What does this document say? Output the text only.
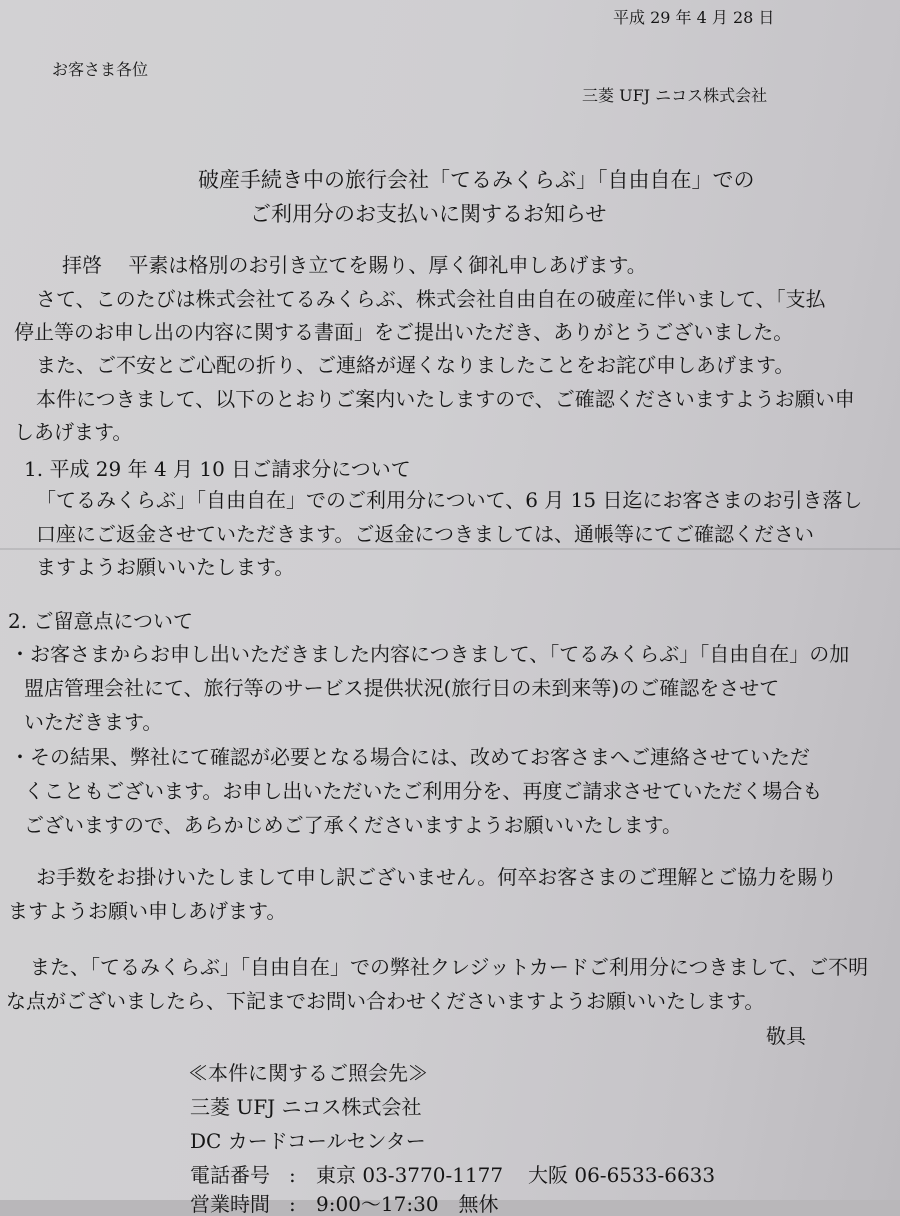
平成 29 年 4 月 28 日
お客さま各位
三菱 UFJ ニコス株式会社
破産手続き中の旅行会社「てるみくらぶ」「自由自在」での
ご利用分のお支払いに関するお知らせ
拝啓　 平素は格別のお引き立てを賜り、厚く御礼申しあげます。
さて、このたびは株式会社てるみくらぶ、株式会社自由自在の破産に伴いまして、「支払
停止等のお申し出の内容に関する書面」をご提出いただき、ありがとうございました。
また、ご不安とご心配の折り、ご連絡が遅くなりましたことをお詫び申しあげます。
本件につきまして、以下のとおりご案内いたしますので、ご確認くださいますようお願い申
しあげます。
1. 平成 29 年 4 月 10 日ご請求分について
「てるみくらぶ」「自由自在」でのご利用分について、6 月 15 日迄にお客さまのお引き落し
口座にご返金させていただきます。ご返金につきましては、通帳等にてご確認ください
ますようお願いいたします。
2. ご留意点について
・お客さまからお申し出いただきました内容につきまして、「てるみくらぶ」「自由自在」の加
盟店管理会社にて、旅行等のサービス提供状況(旅行日の未到来等)のご確認をさせて
いただきます。
・その結果、弊社にて確認が必要となる場合には、改めてお客さまへご連絡させていただ
くこともございます。お申し出いただいたご利用分を、再度ご請求させていただく場合も
ございますので、あらかじめご了承くださいますようお願いいたします。
お手数をお掛けいたしまして申し訳ございません。何卒お客さまのご理解とご協力を賜り
ますようお願い申しあげます。
また、「てるみくらぶ」「自由自在」での弊社クレジットカードご利用分につきまして、ご不明
な点がございましたら、下記までお問い合わせくださいますようお願いいたします。
敬具
≪本件に関するご照会先≫
三菱 UFJ ニコス株式会社
DC カードコールセンター
電話番号 : 東京 03-3770-1177 大阪 06-6533-6633
営業時間 : 9:00～17:30　無休
